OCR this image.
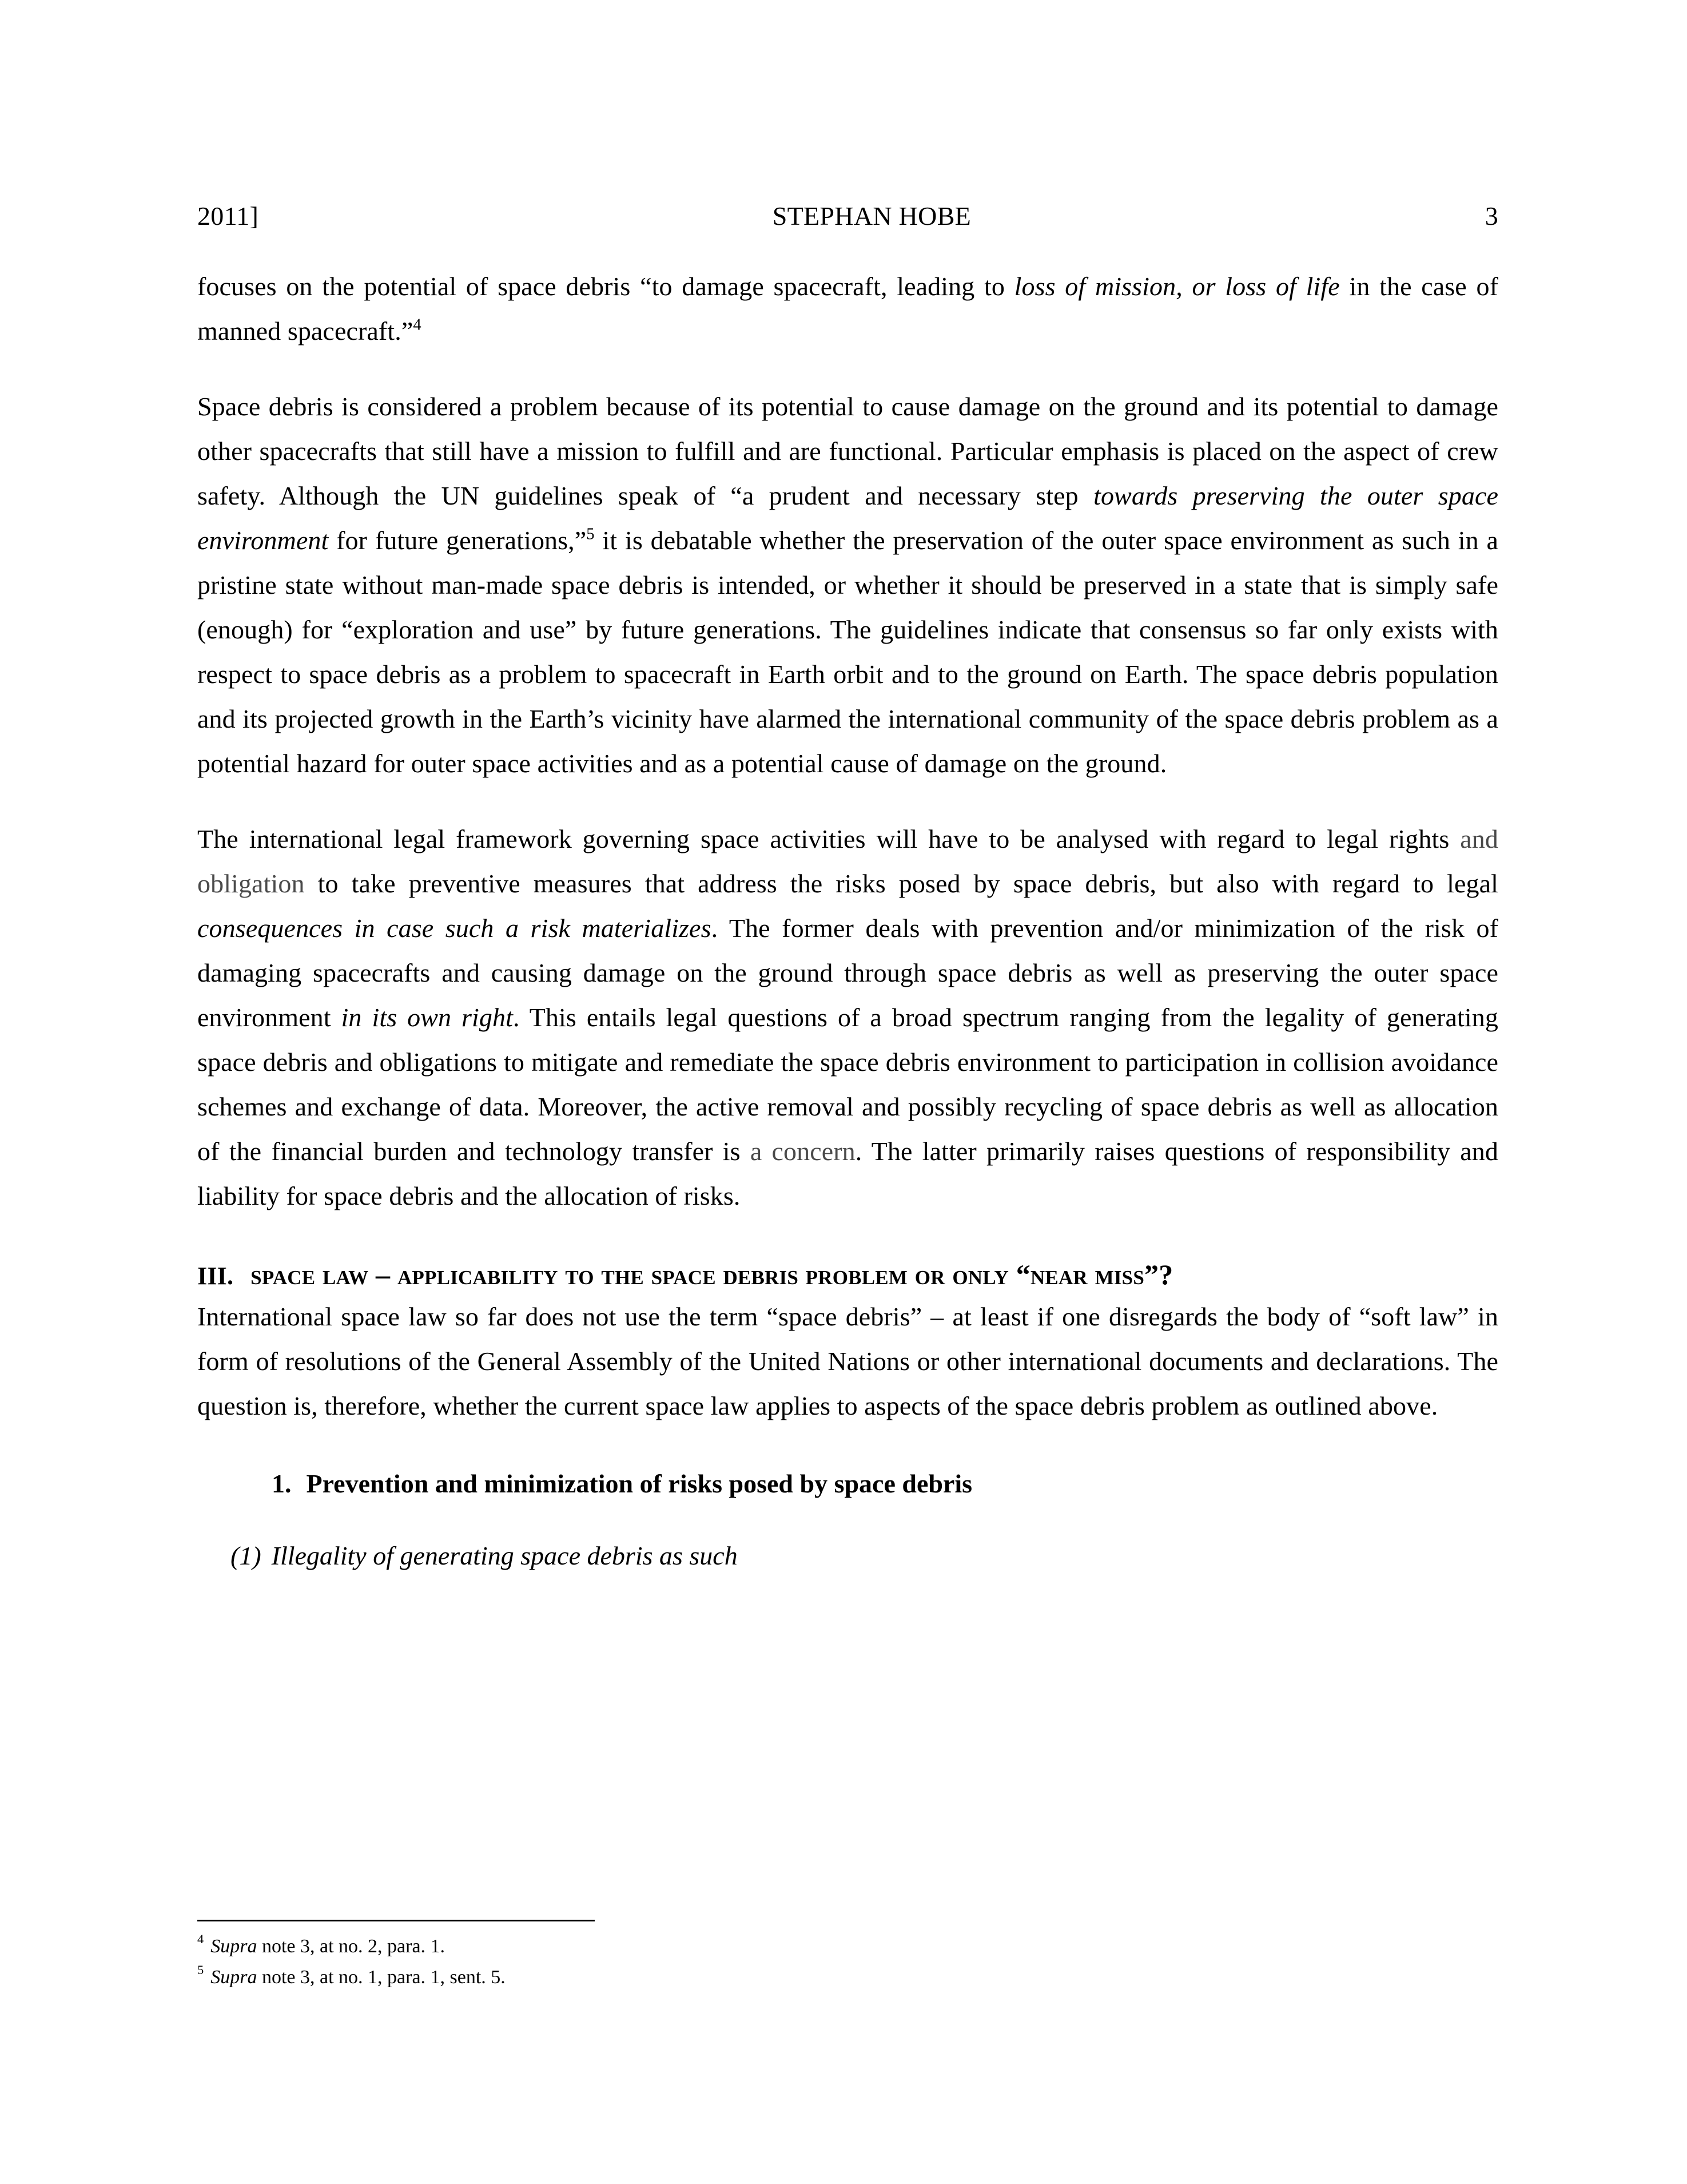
2011]	STEPHAN HOBE	3

focuses on the potential of space debris “to damage spacecraft, leading to loss of mission, or loss of life in the case of manned spacecraft.”$^4$

Space debris is considered a problem because of its potential to cause damage on the ground and its potential to damage other spacecrafts that still have a mission to fulfill and are functional. Particular emphasis is placed on the aspect of crew safety. Although the UN guidelines speak of “a prudent and necessary step towards preserving the outer space environment for future generations,”$^5$ it is debatable whether the preservation of the outer space environment as such in a pristine state without man-made space debris is intended, or whether it should be preserved in a state that is simply safe (enough) for “exploration and use” by future generations. The guidelines indicate that consensus so far only exists with respect to space debris as a problem to spacecraft in Earth orbit and to the ground on Earth. The space debris population and its projected growth in the Earth’s vicinity have alarmed the international community of the space debris problem as a potential hazard for outer space activities and as a potential cause of damage on the ground.

The international legal framework governing space activities will have to be analysed with regard to legal rights and obligation to take preventive measures that address the risks posed by space debris, but also with regard to legal consequences in case such a risk materializes. The former deals with prevention and/or minimization of the risk of damaging spacecrafts and causing damage on the ground through space debris as well as preserving the outer space environment in its own right. This entails legal questions of a broad spectrum ranging from the legality of generating space debris and obligations to mitigate and remediate the space debris environment to participation in collision avoidance schemes and exchange of data. Moreover, the active removal and possibly recycling of space debris as well as allocation of the financial burden and technology transfer is a concern. The latter primarily raises questions of responsibility and liability for space debris and the allocation of risks.

III. space law – applicability to the space debris problem or only “near miss”?

International space law so far does not use the term “space debris” – at least if one disregards the body of “soft law” in form of resolutions of the General Assembly of the United Nations or other international documents and declarations. The question is, therefore, whether the current space law applies to aspects of the space debris problem as outlined above.

1. Prevention and minimization of risks posed by space debris
(1) Illegality of generating space debris as such
$^4$ Supra note 3, at no. 2, para. 1.
$^5$ Supra note 3, at no. 1, para. 1, sent. 5.
